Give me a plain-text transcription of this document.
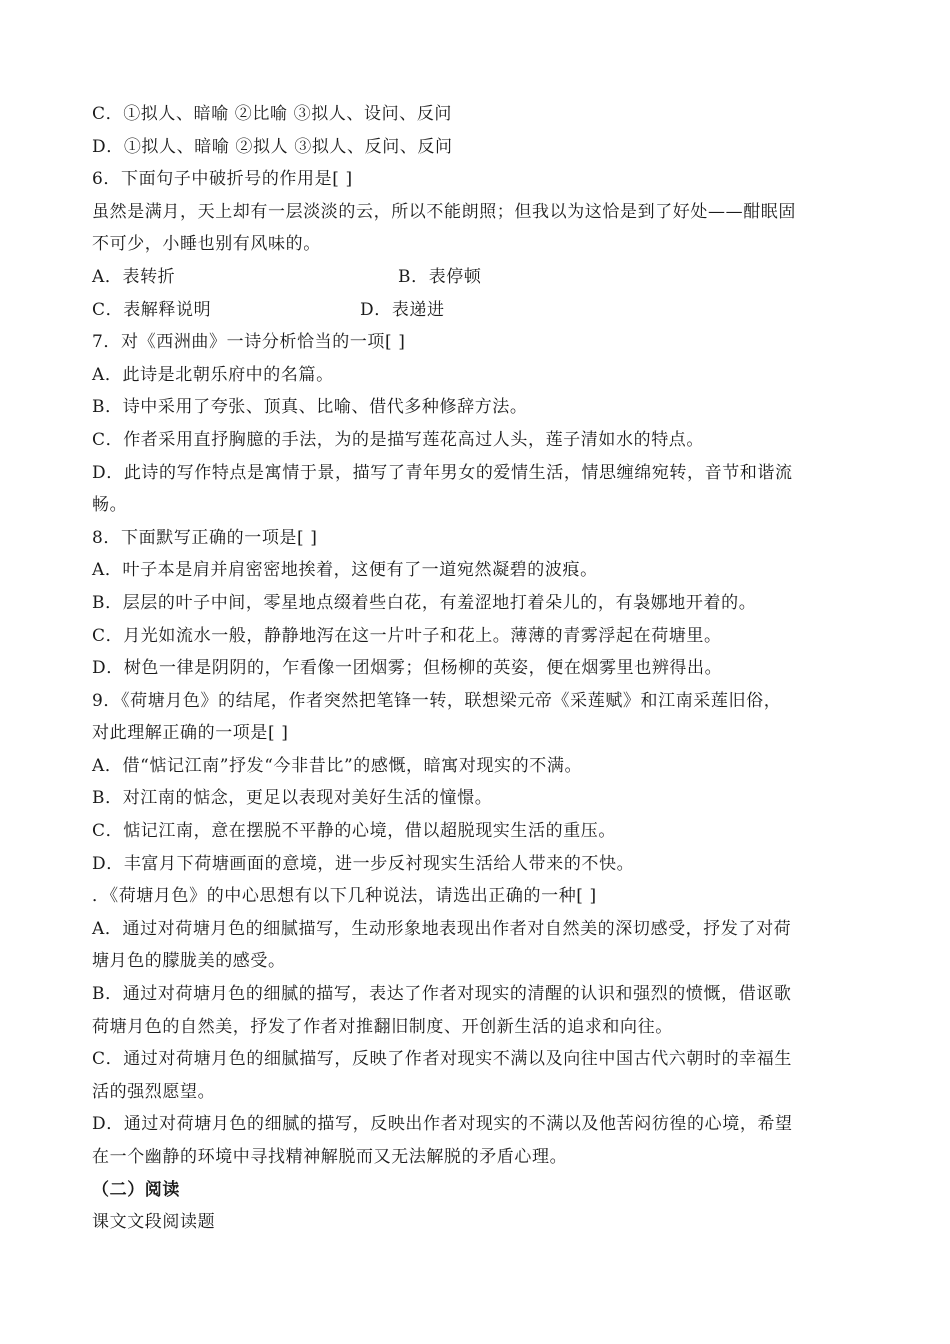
C．①拟人、暗喻 ②比喻 ③拟人、设问、反问
D．①拟人、暗喻 ②拟人 ③拟人、反问、反问
6．下面句子中破折号的作用是[ ]
虽然是满月，天上却有一层淡淡的云，所以不能朗照；但我以为这恰是到了好处——酣眠固
不可少，小睡也别有风味的。
A．表转折	B．表停顿
C．表解释说明	D．表递进
7．对《西洲曲》一诗分析恰当的一项[ ]
A．此诗是北朝乐府中的名篇。
B．诗中采用了夸张、顶真、比喻、借代多种修辞方法。
C．作者采用直抒胸臆的手法，为的是描写莲花高过人头，莲子清如水的特点。
D．此诗的写作特点是寓情于景，描写了青年男女的爱情生活，情思缠绵宛转，音节和谐流
畅。
8．下面默写正确的一项是[ ]
A．叶子本是肩并肩密密地挨着，这便有了一道宛然凝碧的波痕。
B．层层的叶子中间，零星地点缀着些白花，有羞涩地打着朵儿的，有袅娜地开着的。
C．月光如流水一般，静静地泻在这一片叶子和花上。薄薄的青雾浮起在荷塘里。
D．树色一律是阴阴的，乍看像一团烟雾；但杨柳的英姿，便在烟雾里也辨得出。
9．《荷塘月色》的结尾，作者突然把笔锋一转，联想梁元帝《采莲赋》和江南采莲旧俗，
对此理解正确的一项是[ ]
A．借“惦记江南”抒发“今非昔比”的感慨，暗寓对现实的不满。
B．对江南的惦念，更足以表现对美好生活的憧憬。
C．惦记江南，意在摆脱不平静的心境，借以超脱现实生活的重压。
D．丰富月下荷塘画面的意境，进一步反衬现实生活给人带来的不快。
．《荷塘月色》的中心思想有以下几种说法，请选出正确的一种[ ]
A．通过对荷塘月色的细腻描写，生动形象地表现出作者对自然美的深切感受，抒发了对荷
塘月色的朦胧美的感受。
B．通过对荷塘月色的细腻的描写，表达了作者对现实的清醒的认识和强烈的愤慨，借讴歌
荷塘月色的自然美，抒发了作者对推翻旧制度、开创新生活的追求和向往。
C．通过对荷塘月色的细腻描写，反映了作者对现实不满以及向往中国古代六朝时的幸福生
活的强烈愿望。
D．通过对荷塘月色的细腻的描写，反映出作者对现实的不满以及他苦闷彷徨的心境，希望
在一个幽静的环境中寻找精神解脱而又无法解脱的矛盾心理。
（二）阅读
课文文段阅读题
